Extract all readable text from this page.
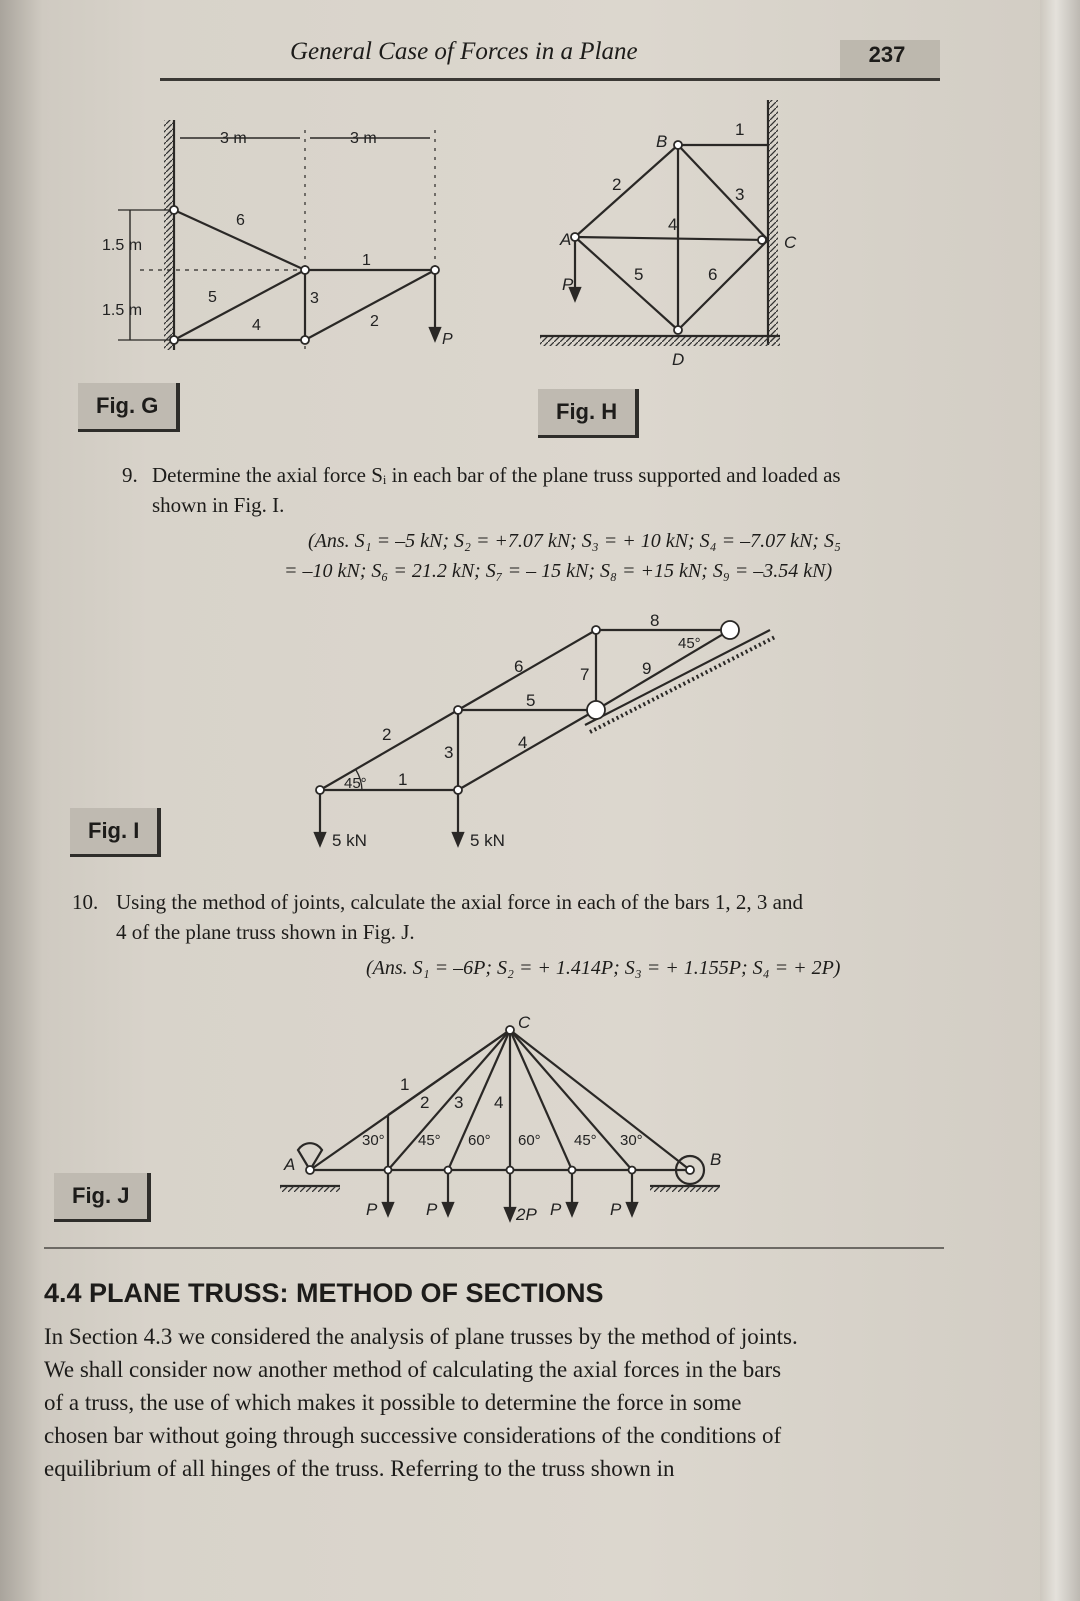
General Case of Forces in a Plane	237
3 m	3 m
1.5 m
1.5 m
6
5
1
3
2
4
P
Fig. G
A
B
C
D
P
1
2
3
4
5	6
Fig. H
9. Determine the axial force Sᵢ in each bar of the plane truss supported and loaded as
shown in Fig. I.
(Ans. S₁ = –5 kN; S₂ = +7.07 kN; S₃ = + 10 kN; S₄ = –7.07 kN; S₅
= –10 kN; S₆ = 21.2 kN; S₇ = – 15 kN; S₈ = +15 kN; S₉ = –3.54 kN)
1
2
3
4
5
6	7
8
9
45°
45°
5 kN	5 kN
Fig. I
10. Using the method of joints, calculate the axial force in each of the bars 1, 2, 3 and
4 of the plane truss shown in Fig. J.
(Ans. S₁ = –6P; S₂ = + 1.414P; S₃ = + 1.155P; S₄ = + 2P)
C
A	B
1
2 3 4
30° 45° 60° 60° 45° 30°
P	P	2P P	P
Fig. J
4.4 PLANE TRUSS: METHOD OF SECTIONS
In Section 4.3 we considered the analysis of plane trusses by the method of joints.
We shall consider now another method of calculating the axial forces in the bars
of a truss, the use of which makes it possible to determine the force in some
chosen bar without going through successive considerations of the conditions of
equilibrium of all hinges of the truss. Referring to the truss shown in
